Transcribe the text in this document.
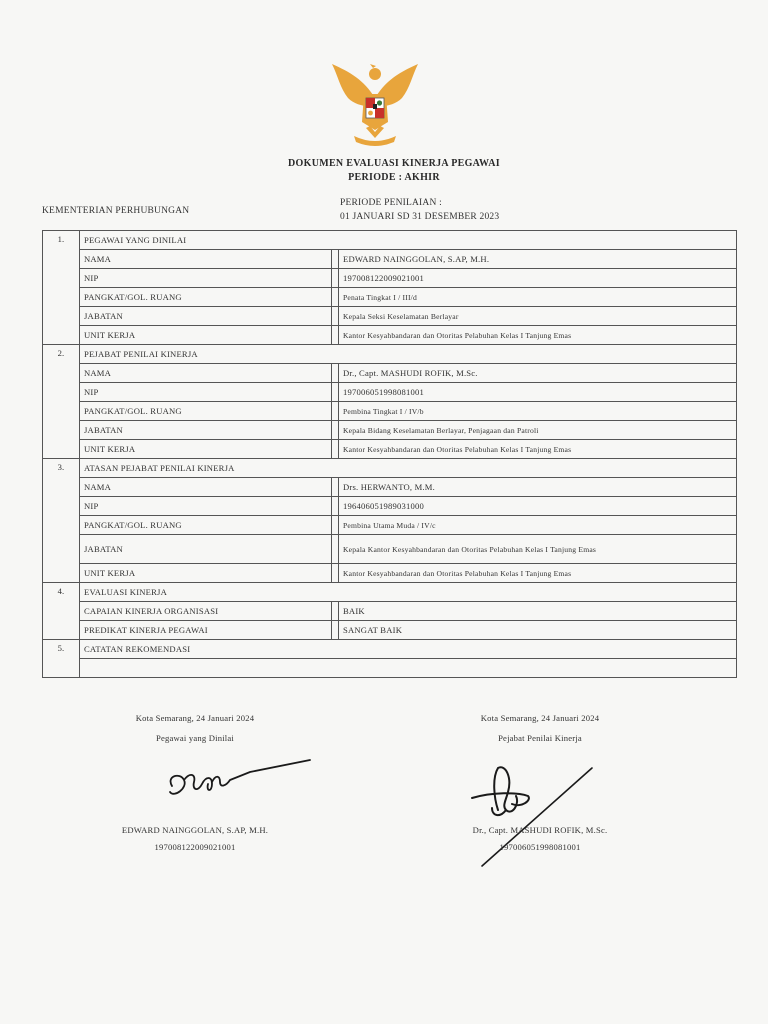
DOKUMEN EVALUASI KINERJA PEGAWAI
PERIODE : AKHIR
KEMENTERIAN PERHUBUNGAN
PERIODE PENILAIAN :
01 JANUARI SD 31 DESEMBER 2023
1.	PEGAWAI YANG DINILAI		
	NAMA		EDWARD NAINGGOLAN, S.AP, M.H.
	NIP		197008122009021001
	PANGKAT/GOL. RUANG		Penata Tingkat I / III/d
	JABATAN		Kepala Seksi Keselamatan Berlayar
	UNIT KERJA		Kantor Kesyahbandaran dan Otoritas Pelabuhan Kelas I Tanjung Emas
2.	PEJABAT PENILAI KINERJA		
	NAMA		Dr., Capt. MASHUDI ROFIK, M.Sc.
	NIP		197006051998081001
	PANGKAT/GOL. RUANG		Pembina Tingkat I / IV/b
	JABATAN		Kepala Bidang Keselamatan Berlayar, Penjagaan dan Patroli
	UNIT KERJA		Kantor Kesyahbandaran dan Otoritas Pelabuhan Kelas I Tanjung Emas
3.	ATASAN PEJABAT PENILAI KINERJA		
	NAMA		Drs. HERWANTO, M.M.
	NIP		196406051989031000
	PANGKAT/GOL. RUANG		Pembina Utama Muda / IV/c
	JABATAN		Kepala Kantor Kesyahbandaran dan Otoritas Pelabuhan Kelas I Tanjung Emas

	UNIT KERJA		Kantor Kesyahbandaran dan Otoritas Pelabuhan Kelas I Tanjung Emas
4.	EVALUASI KINERJA		
	CAPAIAN KINERJA ORGANISASI		BAIK
	PREDIKAT KINERJA PEGAWAI		SANGAT BAIK
5.	CATATAN REKOMENDASI		

Kota Semarang, 24 Januari 2024
Pegawai yang Dinilai
EDWARD NAINGGOLAN, S.AP, M.H.
197008122009021001
Kota Semarang, 24 Januari 2024
Pejabat Penilai Kinerja
Dr., Capt. MASHUDI ROFIK, M.Sc.
197006051998081001
